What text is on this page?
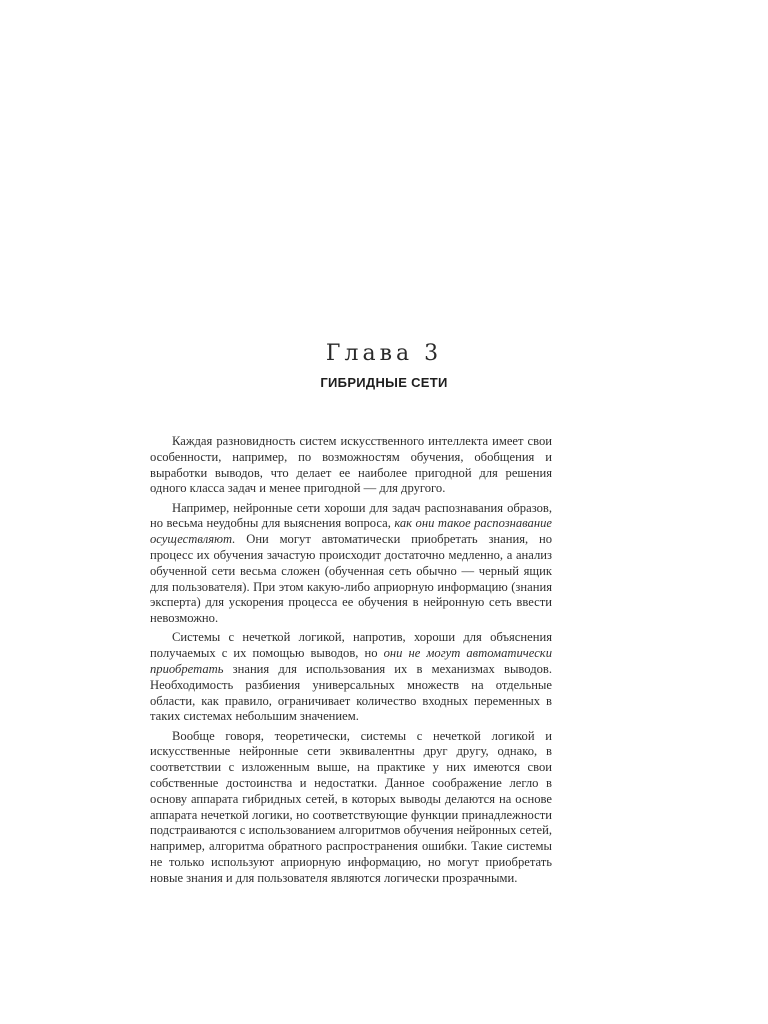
Глава 3
ГИБРИДНЫЕ СЕТИ

Каждая разновидность систем искусственного интеллекта имеет свои особенности, например, по возможностям обучения, обобщения и выработки выводов, что делает ее наиболее пригодной для решения одного класса задач и менее пригодной — для другого.

Например, нейронные сети хороши для задач распознавания образов, но весьма неудобны для выяснения вопроса, как они такое распознавание осуществляют. Они могут автоматически приобретать знания, но процесс их обучения зачастую происходит достаточно медленно, а анализ обученной сети весьма сложен (обученная сеть обычно — черный ящик для пользователя). При этом какую-либо априорную информацию (знания эксперта) для ускорения процесса ее обучения в нейронную сеть ввести невозможно.

Системы с нечеткой логикой, напротив, хороши для объяснения получаемых с их помощью выводов, но они не могут автоматически приобретать знания для использования их в механизмах выводов. Необходимость разбиения универсальных множеств на отдельные области, как правило, ограничивает количество входных переменных в таких системах небольшим значением.

Вообще говоря, теоретически, системы с нечеткой логикой и искусственные нейронные сети эквивалентны друг другу, однако, в соответствии с изложенным выше, на практике у них имеются свои собственные достоинства и недостатки. Данное соображение легло в основу аппарата гибридных сетей, в которых выводы делаются на основе аппарата нечеткой логики, но соответствующие функции принадлежности подстраиваются с использованием алгоритмов обучения нейронных сетей, например, алгоритма обратного распространения ошибки. Такие системы не только используют априорную информацию, но могут приобретать новые знания и для пользователя являются логически прозрачными.
